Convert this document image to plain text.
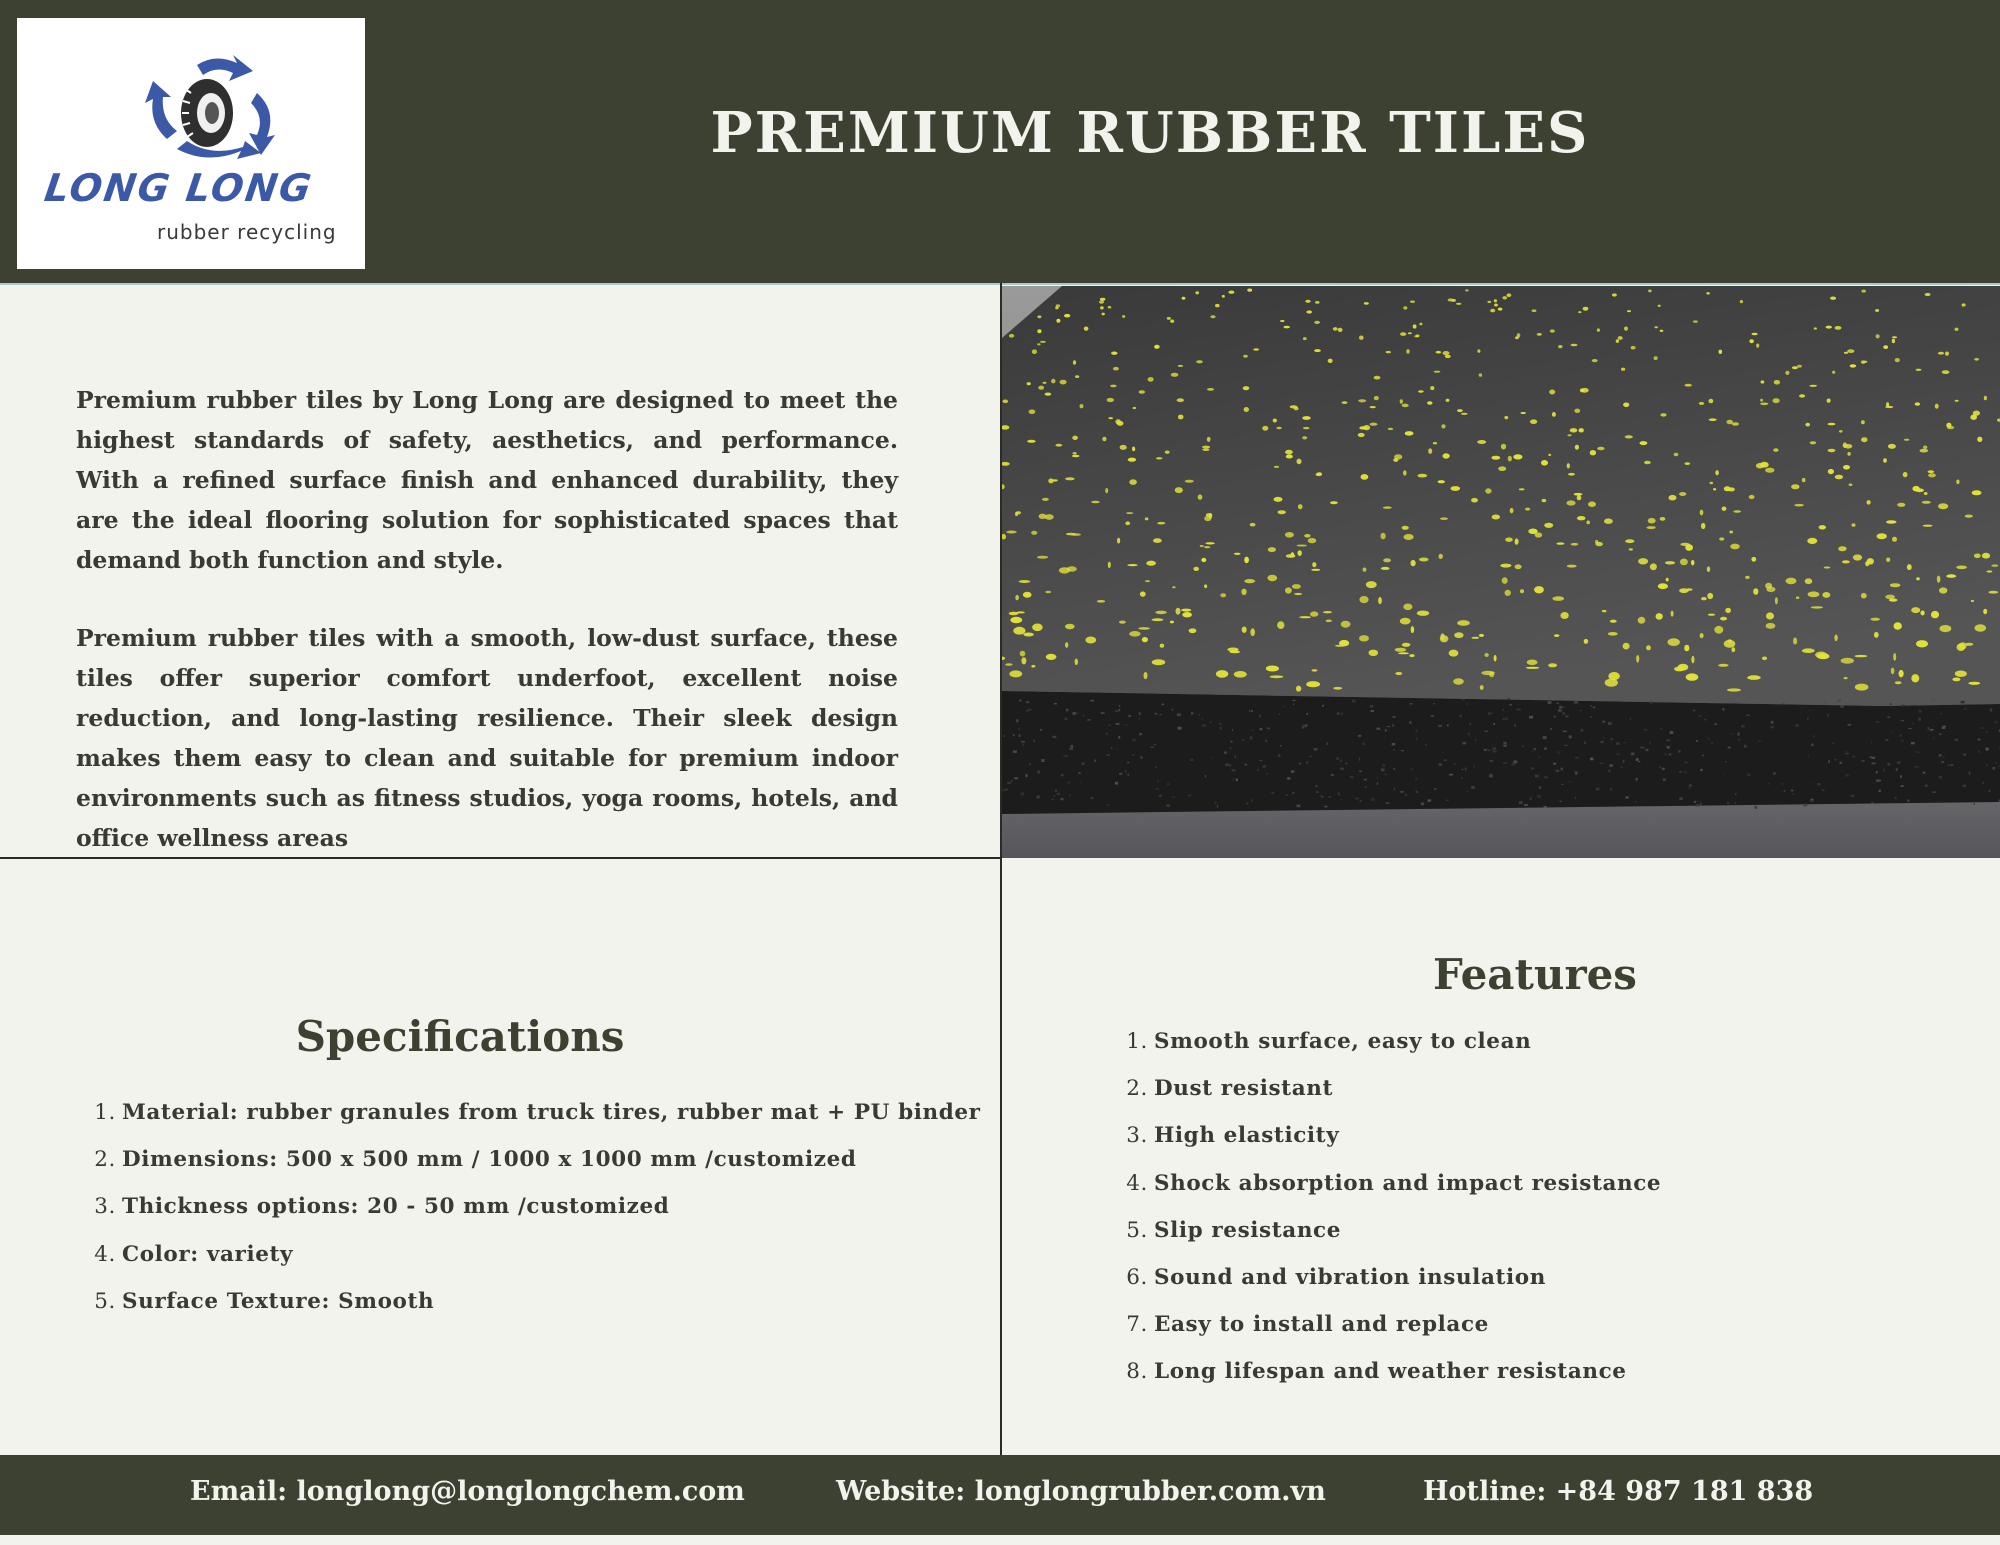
LONG LONG
rubber recycling
PREMIUM RUBBER TILES

Premium rubber tiles by Long Long are designed to meet the highest standards of safety, aesthetics, and performance. With a refined surface finish and enhanced durability, they are the ideal flooring solution for sophisticated spaces that demand both function and style.

Premium rubber tiles with a smooth, low-dust surface, these tiles offer superior comfort underfoot, excellent noise reduction, and long-lasting resilience. Their sleek design makes them easy to clean and suitable for premium indoor environments such as fitness studios, yoga rooms, hotels, and office wellness areas

Specifications
1. Material: rubber granules from truck tires, rubber mat + PU binder
2. Dimensions: 500 x 500 mm / 1000 x 1000 mm /customized
3. Thickness options: 20 - 50 mm /customized
4. Color: variety
5. Surface Texture: Smooth
Features
1. Smooth surface, easy to clean
2. Dust resistant
3. High elasticity
4. Shock absorption and impact resistance
5. Slip resistance
6. Sound and vibration insulation
7. Easy to install and replace
8. Long lifespan and weather resistance
Email: longlong@longlongchem.com	Website: longlongrubber.com.vn	Hotline: +84 987 181 838
